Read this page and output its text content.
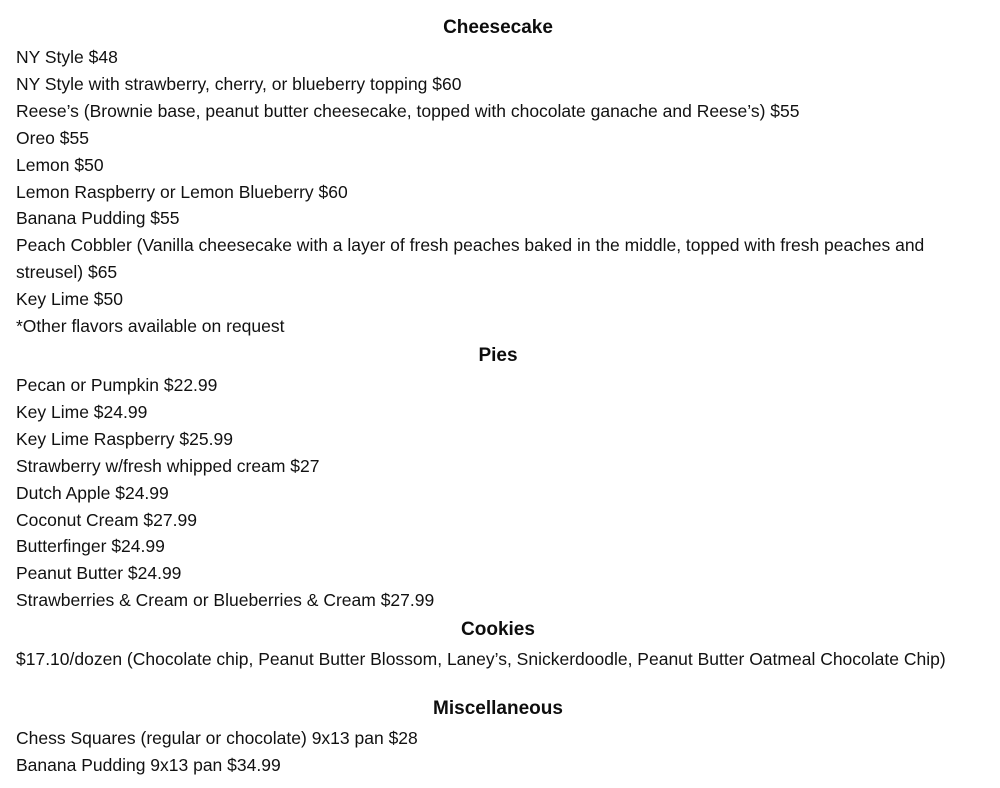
Cheesecake

NY Style $48

NY Style with strawberry, cherry, or blueberry topping $60

Reese’s (Brownie base, peanut butter cheesecake, topped with chocolate ganache and Reese’s) $55

Oreo $55

Lemon $50

Lemon Raspberry or Lemon Blueberry $60

Banana Pudding $55

Peach Cobbler (Vanilla cheesecake with a layer of fresh peaches baked in the middle, topped with fresh peaches and streusel) $65

Key Lime $50

*Other flavors available on request

Pies

Pecan or Pumpkin $22.99

Key Lime $24.99

Key Lime Raspberry $25.99

Strawberry w/fresh whipped cream $27

Dutch Apple $24.99

Coconut Cream $27.99

Butterfinger $24.99

Peanut Butter $24.99

Strawberries & Cream or Blueberries & Cream $27.99

Cookies

$17.10/dozen (Chocolate chip, Peanut Butter Blossom, Laney’s, Snickerdoodle, Peanut Butter Oatmeal Chocolate Chip)

Miscellaneous

Chess Squares (regular or chocolate) 9x13 pan $28

Banana Pudding 9x13 pan $34.99
